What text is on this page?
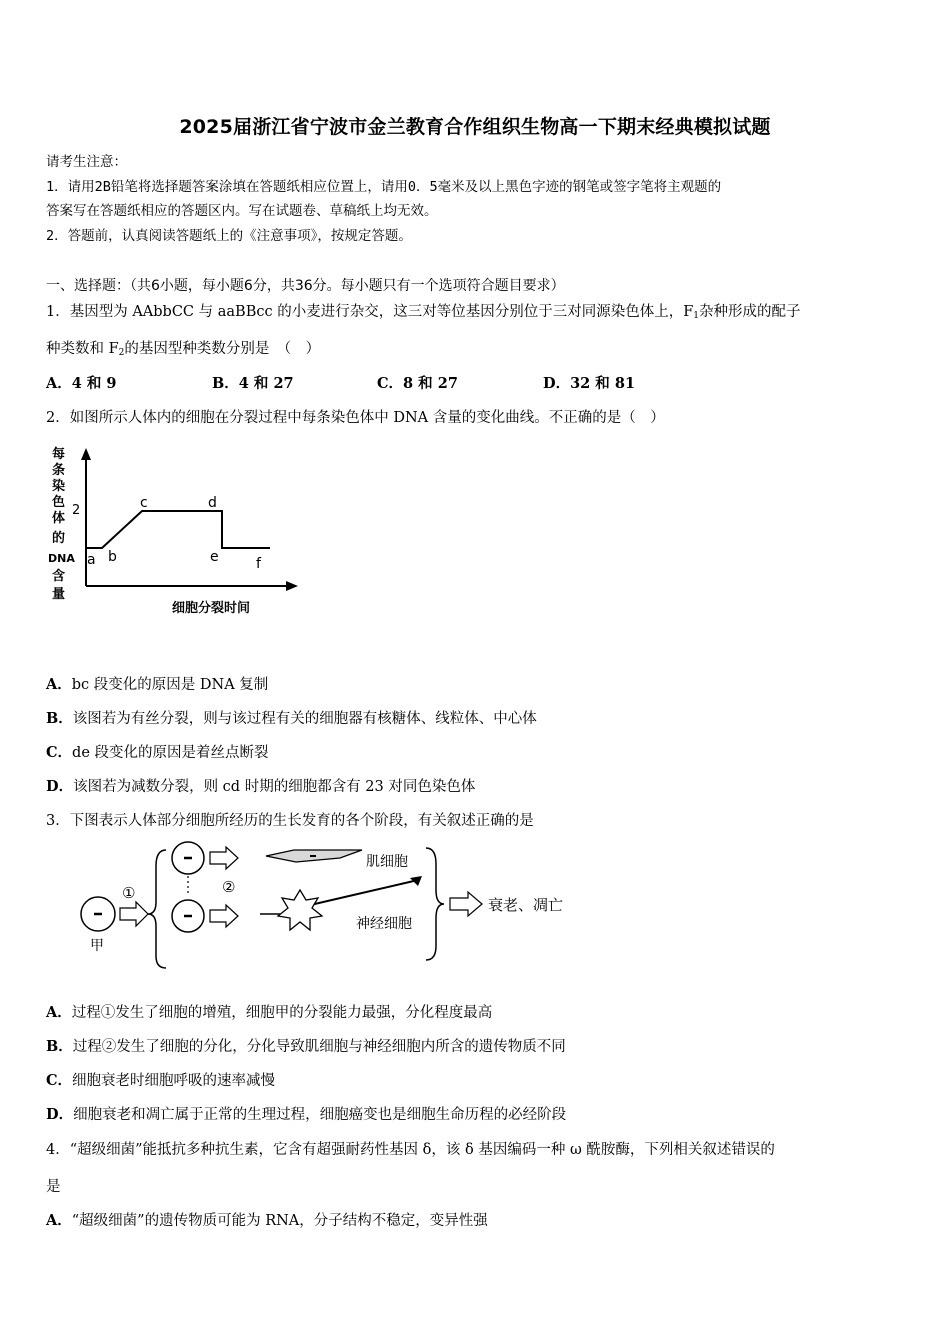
2025届浙江省宁波市金兰教育合作组织生物高一下期末经典模拟试题
请考生注意：
1．请用2B铅笔将选择题答案涂填在答题纸相应位置上，请用0．5毫米及以上黑色字迹的钢笔或签字笔将主观题的
答案写在答题纸相应的答题区内。写在试题卷、草稿纸上均无效。
2．答题前，认真阅读答题纸上的《注意事项》，按规定答题。
一、选择题：（共6小题，每小题6分，共36分。每小题只有一个选项符合题目要求）
1．基因型为 AAbbCC 与 aaBBcc 的小麦进行杂交，这三对等位基因分别位于三对同源染色体上，$F_1$杂种形成的配子
种类数和 $F_2$的基因型种类数分别是　（　）
A．4 和 9	B．4 和 27	C．8 和 27	D．32 和 81
2．如图所示人体内的细胞在分裂过程中每条染色体中 DNA 含量的变化曲线。不正确的是（　）
每
条
染
色
体
的
DNA
含
量
2
a b
c	d
e	f
细胞分裂时间
A．bc 段变化的原因是 DNA 复制
B．该图若为有丝分裂，则与该过程有关的细胞器有核糖体、线粒体、中心体
C．de 段变化的原因是着丝点断裂
D．该图若为减数分裂，则 cd 时期的细胞都含有 23 对同色染色体
3．下图表示人体部分细胞所经历的生长发育的各个阶段，有关叙述正确的是
甲
①	②
肌细胞
神经细胞
衰老、凋亡
A．过程①发生了细胞的增殖，细胞甲的分裂能力最强，分化程度最高
B．过程②发生了细胞的分化，分化导致肌细胞与神经细胞内所含的遗传物质不同
C．细胞衰老时细胞呼吸的速率减慢
D．细胞衰老和凋亡属于正常的生理过程，细胞癌变也是细胞生命历程的必经阶段
4．“超级细菌”能抵抗多种抗生素，它含有超强耐药性基因 δ，该 δ 基因编码一种 ω 酰胺酶，下列相关叙述错误的
是
A．“超级细菌”的遗传物质可能为 RNA，分子结构不稳定，变异性强
